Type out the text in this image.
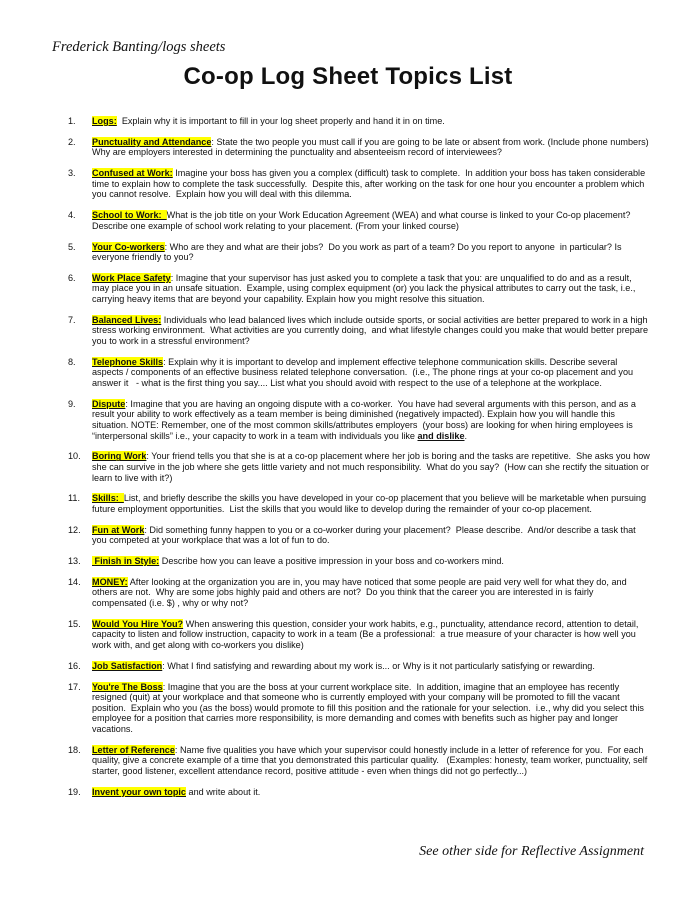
Frederick Banting/logs sheets
Co-op Log Sheet Topics List
1.	Logs:  Explain why it is important to fill in your log sheet properly and hand it in on time.
2.	Punctuality and Attendance: State the two people you must call if you are going to be late or absent from work. (Include phone numbers) Why are employers interested in determining the punctuality and absenteeism record of interviewees?
3.	Confused at Work: Imagine your boss has given you a complex (difficult) task to complete.  In addition your boss has taken considerable time to explain how to complete the task successfully.  Despite this, after working on the task for one hour you encounter a problem which you cannot resolve.  Explain how you will deal with this dilemma.
4.	School to Work:  What is the job title on your Work Education Agreement (WEA) and what course is linked to your Co-op placement? Describe one example of school work relating to your placement. (From your linked course)
5.	Your Co-workers: Who are they and what are their jobs?  Do you work as part of a team? Do you report to anyone  in particular? Is everyone friendly to you?
6.	Work Place Safety: Imagine that your supervisor has just asked you to complete a task that you: are unqualified to do and as a result, may place you in an unsafe situation.  Example, using complex equipment (or) you lack the physical attributes to carry out the task, i.e., carrying heavy items that are beyond your capability. Explain how you might resolve this situation.
7.	Balanced Lives: Individuals who lead balanced lives which include outside sports, or social activities are better prepared to work in a high stress working environment.  What activities are you currently doing,  and what lifestyle changes could you make that would better prepare you to work in a stressful environment?
8.	Telephone Skills: Explain why it is important to develop and implement effective telephone communication skills. Describe several aspects / components of an effective business related telephone conversation.  (i.e., The phone rings at your co-op placement and you answer it   - what is the first thing you say.... List what you should avoid with respect to the use of a telephone at the workplace.
9.	Dispute: Imagine that you are having an ongoing dispute with a co-worker.  You have had several arguments with this person, and as a result your ability to work effectively as a team member is being diminished (negatively impacted). Explain how you will handle this situation. NOTE: Remember, one of the most common skills/attributes employers  (your boss) are looking for when hiring employees is “interpersonal skills” i.e., your capacity to work in a team with individuals you like and dislike.
10.	Boring Work: Your friend tells you that she is at a co-op placement where her job is boring and the tasks are repetitive.  She asks you how she can survive in the job where she gets little variety and not much responsibility.  What do you say?  (How can she rectify the situation or learn to live with it?)
11.	Skills:  List, and briefly describe the skills you have developed in your co-op placement that you believe will be marketable when pursuing future employment opportunities.  List the skills that you would like to develop during the remainder of your co-op placement.
12.	Fun at Work: Did something funny happen to you or a co-worker during your placement?  Please describe.  And/or describe a task that you competed at your workplace that was a lot of fun to do.
13.	Finish in Style: Describe how you can leave a positive impression in your boss and co-workers mind.
14.	MONEY: After looking at the organization you are in, you may have noticed that some people are paid very well for what they do, and others are not.  Why are some jobs highly paid and others are not?  Do you think that the career you are interested in is fairly compensated (i.e. $) , why or why not?
15.	Would You Hire You? When answering this question, consider your work habits, e.g., punctuality, attendance record, attention to detail, capacity to listen and follow instruction, capacity to work in a team (Be a professional:  a true measure of your character is how well you work with, and get along with co-workers you dislike)
16.	Job Satisfaction: What I find satisfying and rewarding about my work is... or Why is it not particularly satisfying or rewarding.
17.	You're The Boss: Imagine that you are the boss at your current workplace site.  In addition, imagine that an employee has recently resigned (quit) at your workplace and that someone who is currently employed with your company will be promoted to fill the vacant position.  Explain who you (as the boss) would promote to fill this position and the rationale for your selection.  i.e., why did you select this employee for a position that carries more responsibility, is more demanding and comes with benefits such as higher pay and longer vacations.
18.	Letter of Reference: Name five qualities you have which your supervisor could honestly include in a letter of reference for you.  For each quality, give a concrete example of a time that you demonstrated this particular quality.   (Examples: honesty, team worker, punctuality, self starter, good listener, excellent attendance record, positive attitude - even when things did not go perfectly...)
19.	Invent your own topic and write about it.
See other side for Reflective Assignment
